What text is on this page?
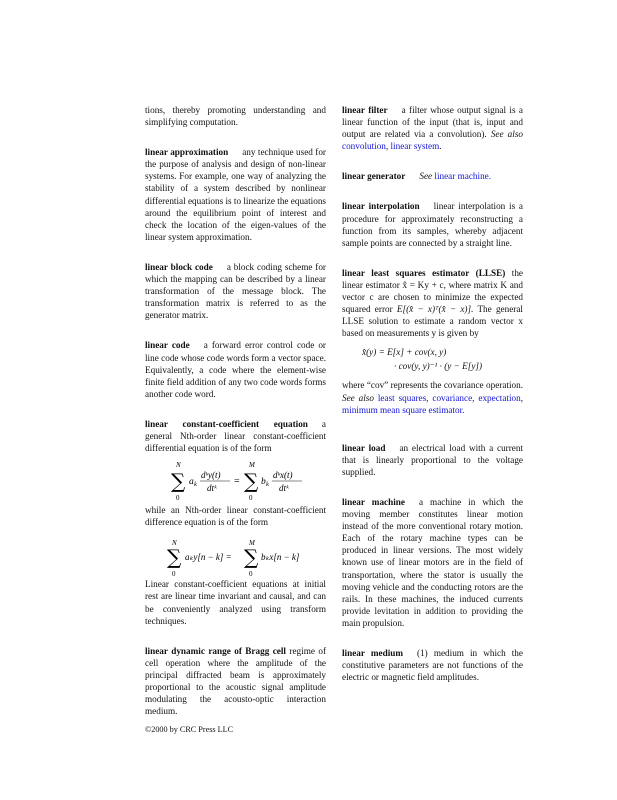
tions, thereby promoting understanding and simplifying computation.

linear approximation any technique used for the purpose of analysis and design of non-linear systems. For example, one way of analyzing the stability of a system described by nonlinear differential equations is to linearize the equations around the equilibrium point of interest and check the location of the eigen-values of the linear system approximation.

linear block code a block coding scheme for which the mapping can be described by a linear transformation of the message block. The transformation matrix is referred to as the generator matrix.

linear code a forward error control code or line code whose code words form a vector space. Equivalently, a code where the element-wise finite field addition of any two code words forms another code word.

linear constant-coefficient equation a general Nth-order linear constant-coefficient differential equation is of the form

N
∑
0
a k
dᵏy(t)
dtᵏ
=
M
∑
0
b k
dᵏx(t)
dtᵏ

while an Nth-order linear constant-coefficient difference equation is of the form

N
∑
0
aₖy[n − k] =
M
∑
0
bₖx[n − k]

Linear constant-coefficient equations at initial rest are linear time invariant and causal, and can be conveniently analyzed using transform techniques.

linear dynamic range of Bragg cell regime of cell operation where the amplitude of the principal diffracted beam is approximately proportional to the acoustic signal amplitude modulating the acousto-optic interaction medium.

linear filter a filter whose output signal is a linear function of the input (that is, input and output are related via a convolution). See also convolution, linear system.

linear generator See linear machine.

linear interpolation linear interpolation is a procedure for approximately reconstructing a function from its samples, whereby adjacent sample points are connected by a straight line.

linear least squares estimator (LLSE) the linear estimator x̂ = Ky + c, where matrix K and vector c are chosen to minimize the expected squared error E[(x̂ − x)ᵀ(x̂ − x)]. The general LLSE solution to estimate a random vector x based on measurements y is given by

x̂(y) = E[x] + cov(x, y)
· cov(y, y)⁻¹ · (y − E[y])

where “cov” represents the covariance operation. See also least squares, covariance, expectation, minimum mean square estimator.

linear load an electrical load with a current that is linearly proportional to the voltage supplied.

linear machine a machine in which the moving member constitutes linear motion instead of the more conventional rotary motion. Each of the rotary machine types can be produced in linear versions. The most widely known use of linear motors are in the field of transportation, where the stator is usually the moving vehicle and the conducting rotors are the rails. In these machines, the induced currents provide levitation in addition to providing the main propulsion.

linear medium (1) medium in which the constitutive parameters are not functions of the electric or magnetic field amplitudes.

©2000 by CRC Press LLC
